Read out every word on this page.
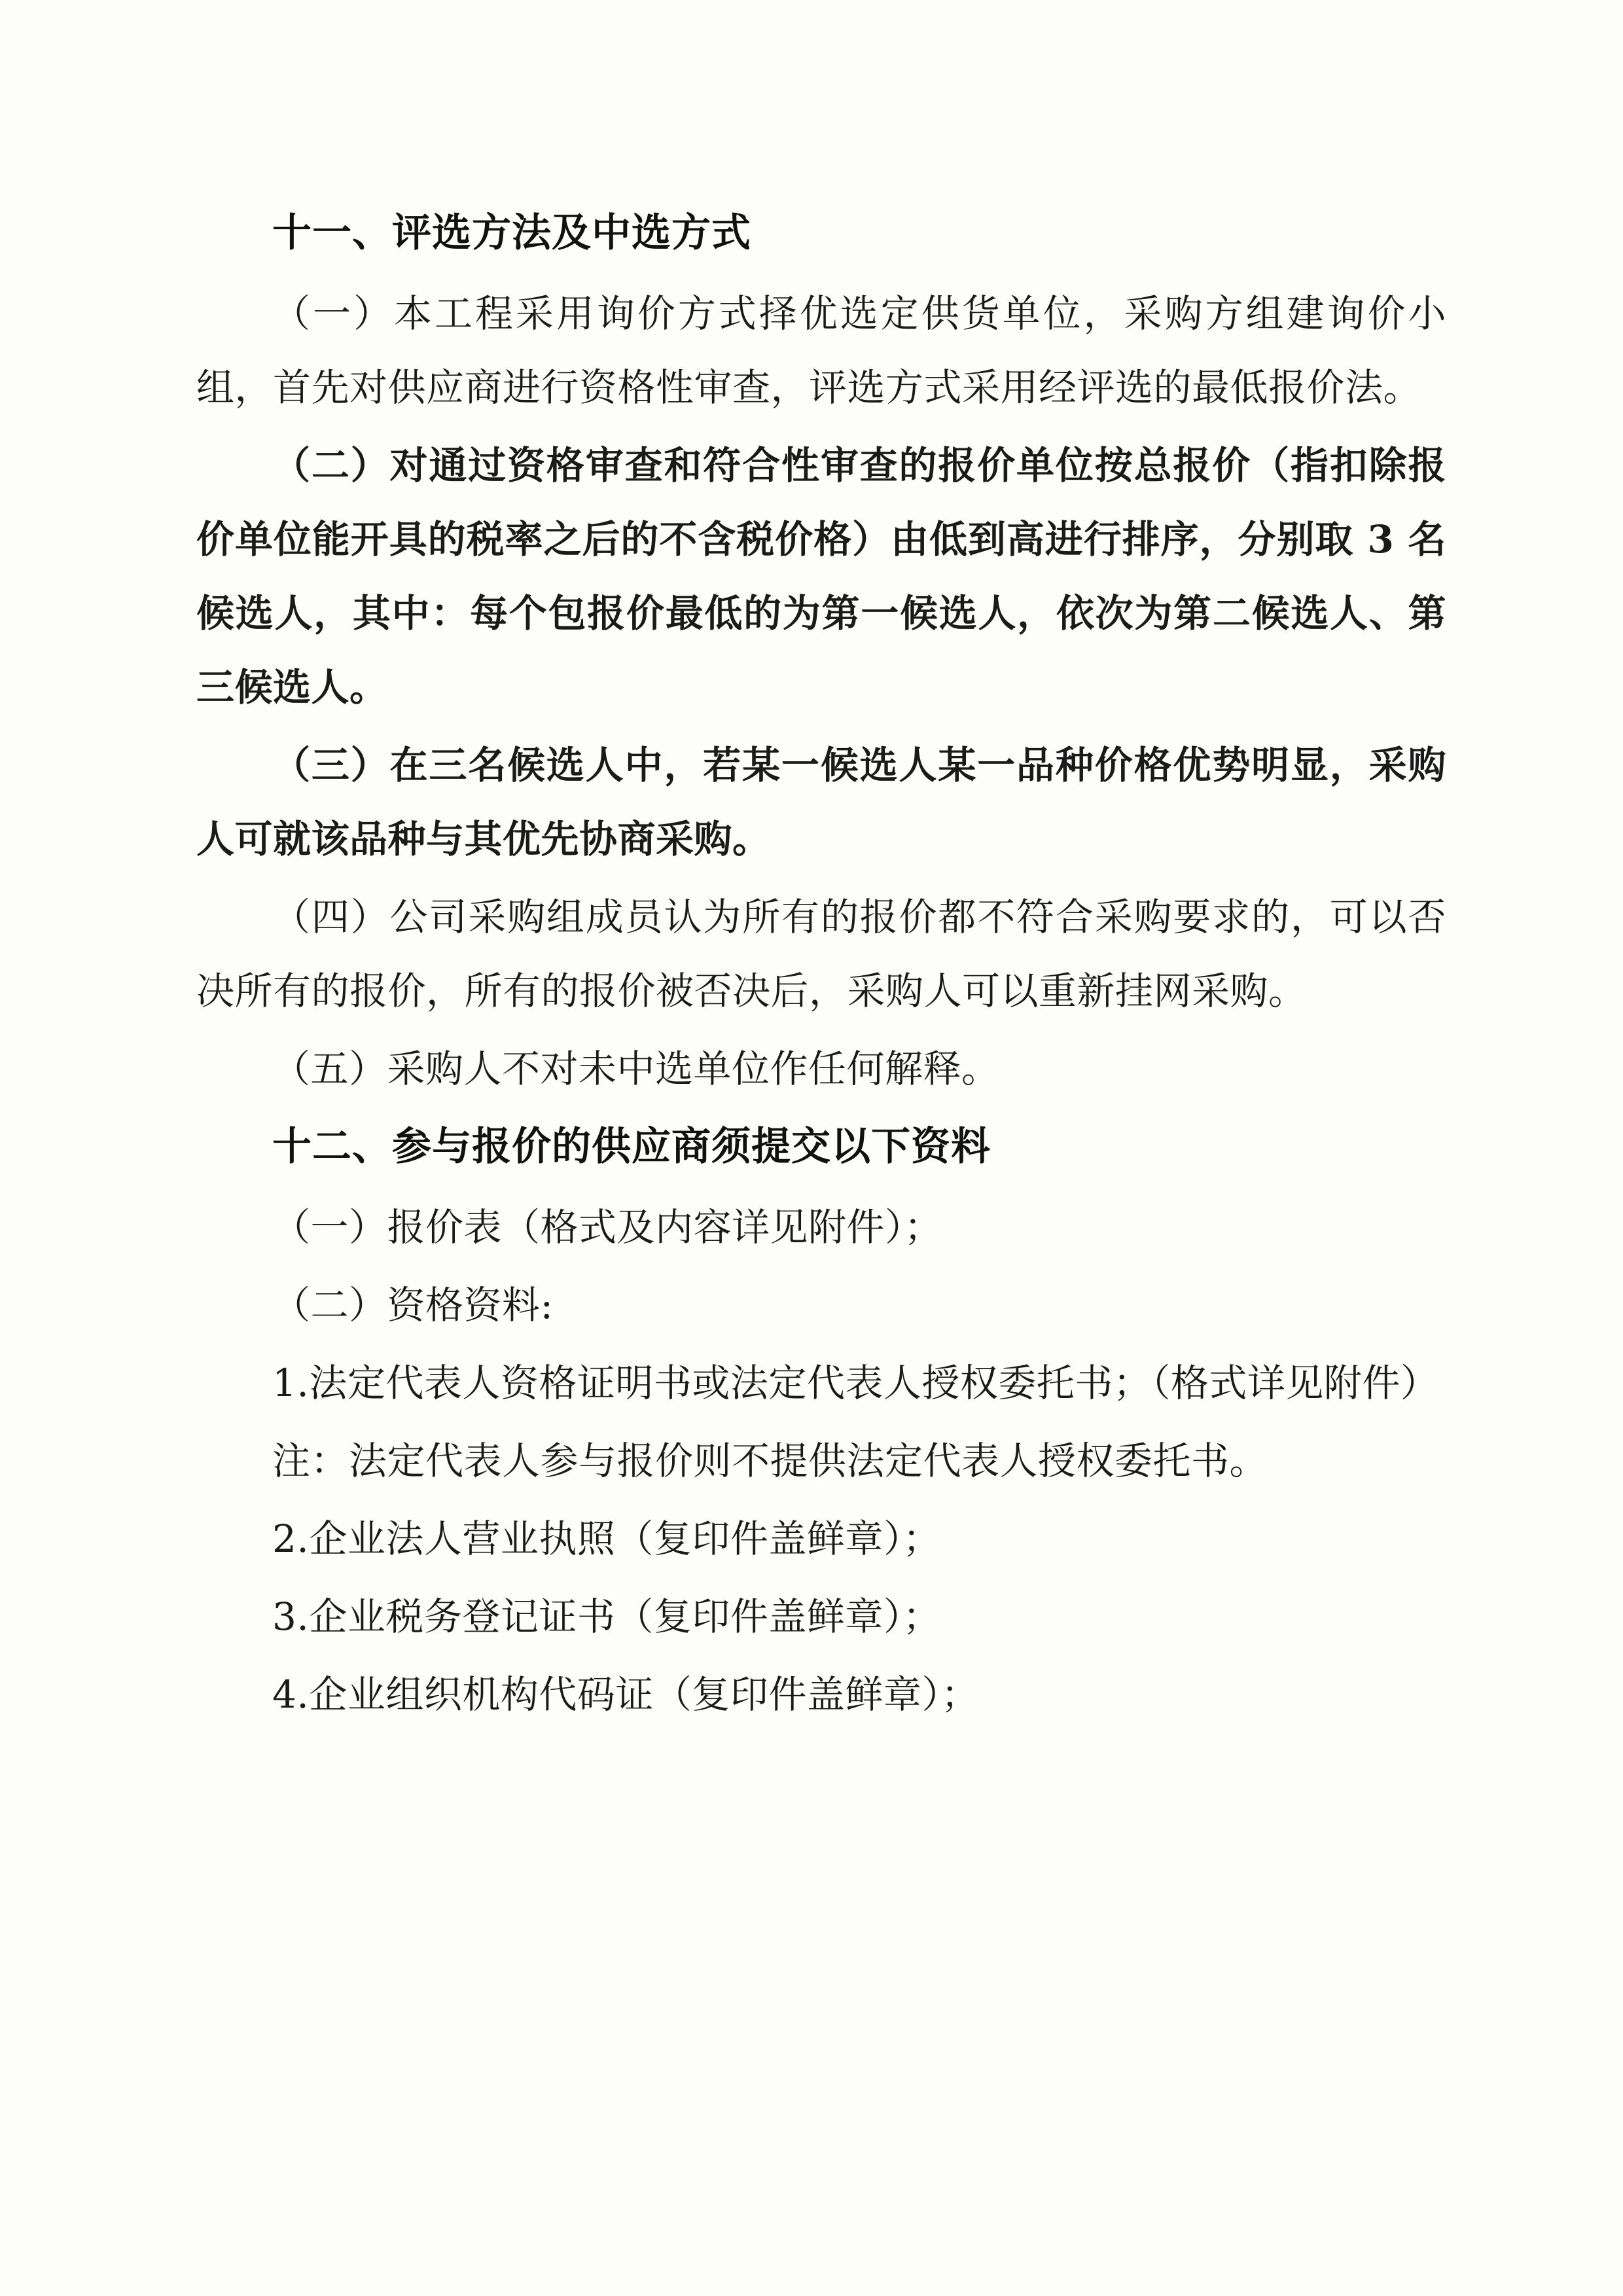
十一、评选方法及中选方式
（一）本工程采用询价方式择优选定供货单位，采购方组建询价小组，首先对供应商进行资格性审查，评选方式采用经评选的最低报价法。
（二）对通过资格审查和符合性审查的报价单位按总报价（指扣除报价单位能开具的税率之后的不含税价格）由低到高进行排序，分别取 3 名候选人，其中：每个包报价最低的为第一候选人，依次为第二候选人、第三候选人。
（三）在三名候选人中，若某一候选人某一品种价格优势明显，采购人可就该品种与其优先协商采购。
（四）公司采购组成员认为所有的报价都不符合采购要求的，可以否决所有的报价，所有的报价被否决后，采购人可以重新挂网采购。
（五）采购人不对未中选单位作任何解释。
十二、参与报价的供应商须提交以下资料
（一）报价表（格式及内容详见附件）；
（二）资格资料:
1.法定代表人资格证明书或法定代表人授权委托书；（格式详见附件）
注：法定代表人参与报价则不提供法定代表人授权委托书。
2.企业法人营业执照（复印件盖鲜章）；
3.企业税务登记证书（复印件盖鲜章）；
4.企业组织机构代码证（复印件盖鲜章）；
